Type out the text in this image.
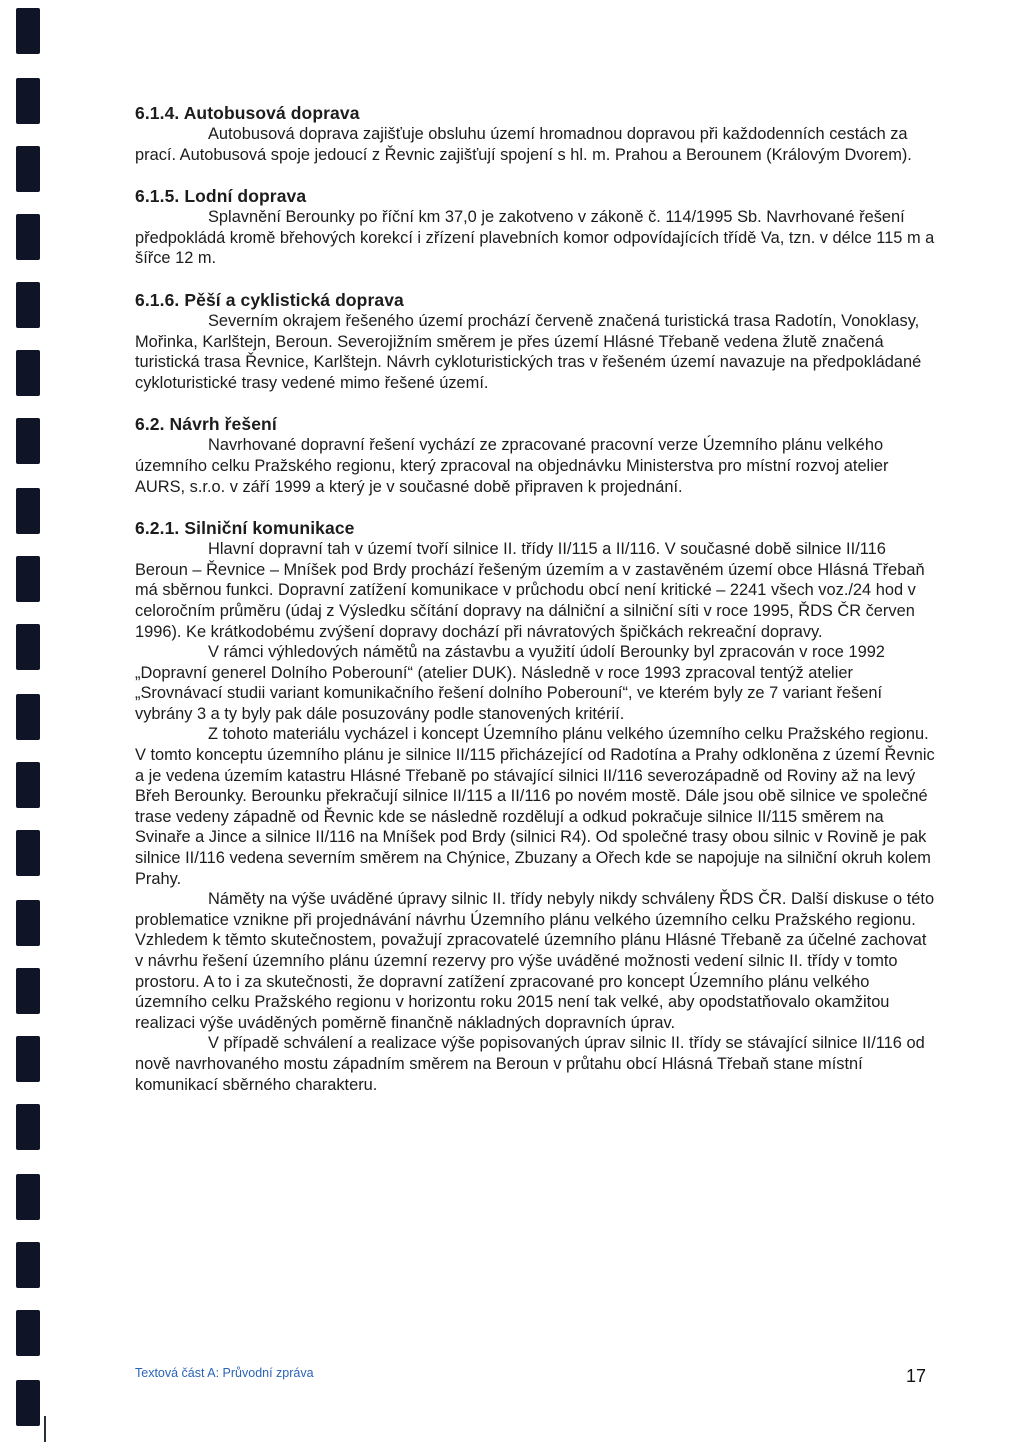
6.1.4. Autobusová doprava

Autobusová doprava zajišťuje obsluhu území hromadnou dopravou při každodenních cestách za prací. Autobusová spoje jedoucí z Řevnic zajišťují spojení s hl. m. Prahou a Berounem (Královým Dvorem).

6.1.5. Lodní doprava

Splavnění Berounky po říční km 37,0 je zakotveno v zákoně č. 114/1995 Sb. Navrhované řešení předpokládá kromě břehových korekcí i zřízení plavebních komor odpovídajících třídě Va, tzn. v délce 115 m a šířce 12 m.

6.1.6. Pěší a cyklistická doprava

Severním okrajem řešeného území prochází červeně značená turistická trasa Radotín, Vonoklasy, Mořinka, Karlštejn, Beroun. Severojižním směrem je přes území Hlásné Třebaně vedena žlutě značená turistická trasa Řevnice, Karlštejn. Návrh cykloturistických tras v řešeném území navazuje na předpokládané cykloturistické trasy vedené mimo řešené území.

6.2. Návrh řešení

Navrhované dopravní řešení vychází ze zpracované pracovní verze Územního plánu velkého územního celku Pražského regionu, který zpracoval na objednávku Ministerstva pro místní rozvoj atelier AURS, s.r.o. v září 1999 a který je v současné době připraven k projednání.

6.2.1. Silniční komunikace

Hlavní dopravní tah v území tvoří silnice II. třídy II/115 a II/116. V současné době silnice II/116 Beroun – Řevnice – Mníšek pod Brdy prochází řešeným územím a v zastavěném území obce Hlásná Třebaň má sběrnou funkci. Dopravní zatížení komunikace v průchodu obcí není kritické – 2241 všech voz./24 hod v celoročním průměru (údaj z Výsledku sčítání dopravy na dálniční a silniční síti v roce 1995, ŘDS ČR červen 1996). Ke krátkodobému zvýšení dopravy dochází při návratových špičkách rekreační dopravy.

V rámci výhledových námětů na zástavbu a využití údolí Berounky byl zpracován v roce 1992 „Dopravní generel Dolního Poberouní“ (atelier DUK). Následně v roce 1993 zpracoval tentýž atelier „Srovnávací studii variant komunikačního řešení dolního Poberouní“, ve kterém byly ze 7 variant řešení vybrány 3 a ty byly pak dále posuzovány podle stanovených kritérií.

Z tohoto materiálu vycházel i koncept Územního plánu velkého územního celku Pražského regionu. V tomto konceptu územního plánu je silnice II/115 přicházející od Radotína a Prahy odkloněna z území Řevnic a je vedena územím katastru Hlásné Třebaně po stávající silnici II/116 severozápadně od Roviny až na levý Břeh Berounky. Berounku překračují silnice II/115 a II/116 po novém mostě. Dále jsou obě silnice ve společné trase vedeny západně od Řevnic kde se následně rozdělují a odkud pokračuje silnice II/115 směrem na Svinaře a Jince a silnice II/116 na Mníšek pod Brdy (silnici R4). Od společné trasy obou silnic v Rovině je pak silnice II/116 vedena severním směrem na Chýnice, Zbuzany a Ořech kde se napojuje na silniční okruh kolem Prahy.

Náměty na výše uváděné úpravy silnic II. třídy nebyly nikdy schváleny ŘDS ČR. Další diskuse o této problematice vznikne při projednávání návrhu Územního plánu velkého územního celku Pražského regionu. Vzhledem k těmto skutečnostem, považují zpracovatelé územního plánu Hlásné Třebaně za účelné zachovat v návrhu řešení územního plánu územní rezervy pro výše uváděné možnosti vedení silnic II. třídy v tomto prostoru. A to i za skutečnosti, že dopravní zatížení zpracované pro koncept Územního plánu velkého územního celku Pražského regionu v horizontu roku 2015 není tak velké, aby opodstatňovalo okamžitou realizaci výše uváděných poměrně finančně nákladných dopravních úprav.

V případě schválení a realizace výše popisovaných úprav silnic II. třídy se stávající silnice II/116 od nově navrhovaného mostu západním směrem na Beroun v průtahu obcí Hlásná Třebaň stane místní komunikací sběrného charakteru.

Textová část A: Průvodní zpráva	17
